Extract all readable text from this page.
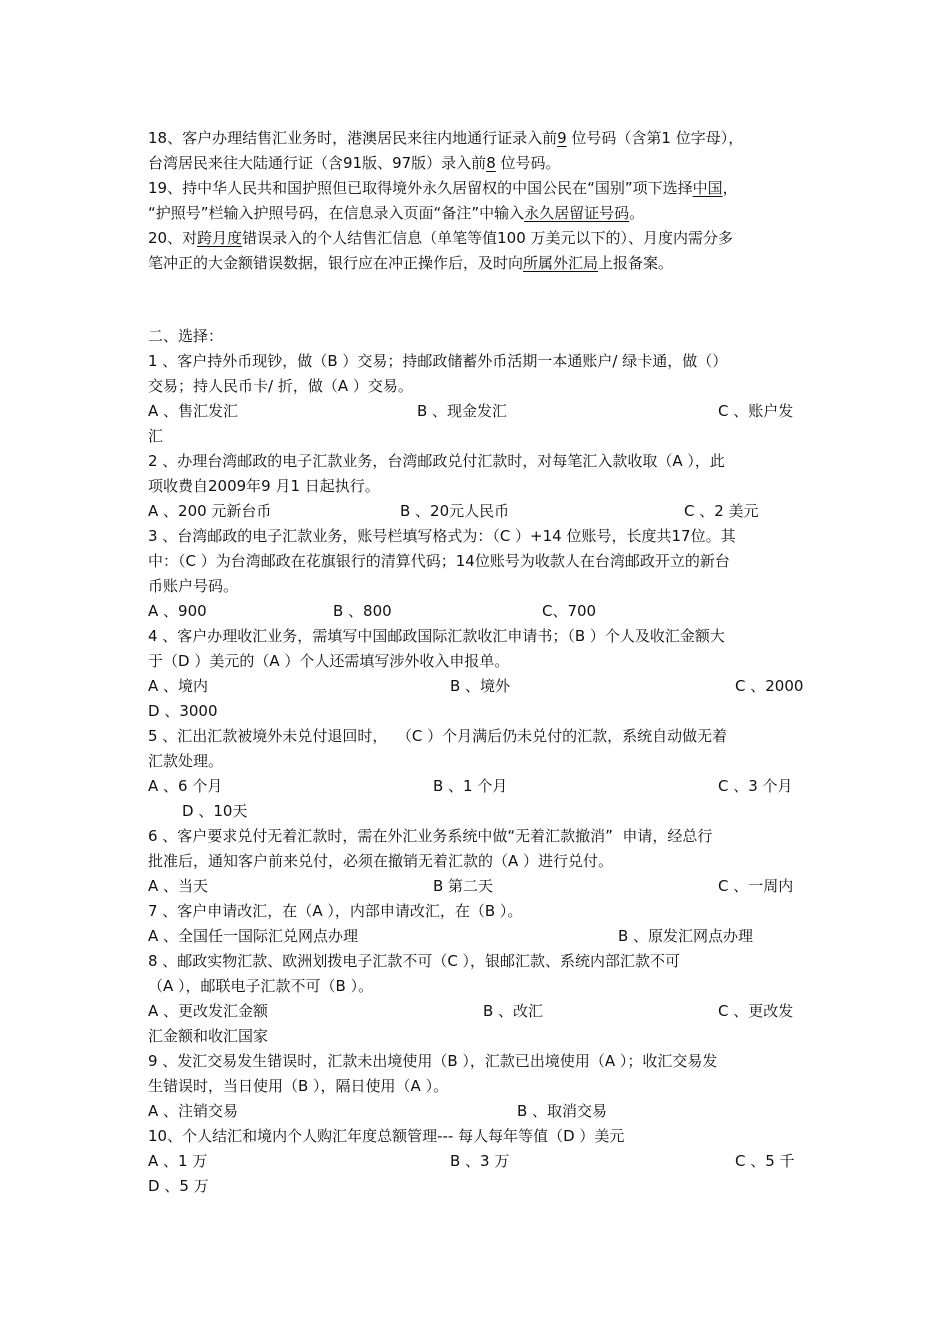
18、客户办理结售汇业务时，港澳居民来往内地通行证录入前9 位号码（含第1 位字母），
台湾居民来往大陆通行证（含91版、97版）录入前8 位号码。
19、持中华人民共和国护照但已取得境外永久居留权的中国公民在“国别”项下选择中国，
“护照号”栏输入护照号码，在信息录入页面“备注”中输入永久居留证号码。
20、对跨月度错误录入的个人结售汇信息（单笔等值100 万美元以下的）、月度内需分多
笔冲正的大金额错误数据，银行应在冲正操作后，及时向所属外汇局上报备案。
二、选择：
1 、客户持外币现钞，做（B ）交易；持邮政储蓄外币活期一本通账户/ 绿卡通，做（）
交易；持人民币卡/ 折，做（A ）交易。
A 、售汇发汇	B 、现金发汇	C 、账户发
汇
2 、办理台湾邮政的电子汇款业务，台湾邮政兑付汇款时，对每笔汇入款收取（A ），此
项收费自2009年9 月1 日起执行。
A 、200 元新台币	B 、20元人民币	C 、2 美元
3 、台湾邮政的电子汇款业务，账号栏填写格式为：（C ）+14 位账号，长度共17位。其
中：（C ）为台湾邮政在花旗银行的清算代码；14位账号为收款人在台湾邮政开立的新台
币账户号码。
A 、900	B 、800	C、700
4 、客户办理收汇业务，需填写中国邮政国际汇款收汇申请书；（B ）个人及收汇金额大
于（D ）美元的（A ）个人还需填写涉外收入申报单。
A 、境内	B 、境外	C 、2000
D 、3000
5 、汇出汇款被境外未兑付退回时，  （C ）个月满后仍未兑付的汇款，系统自动做无着
汇款处理。
A 、6 个月	B 、1 个月	C 、3 个月
D 、10天
6 、客户要求兑付无着汇款时，需在外汇业务系统中做“无着汇款撤消”  申请，经总行
批准后，通知客户前来兑付，必须在撤销无着汇款的（A ）进行兑付。
A 、当天	B 第二天	C 、一周内
7 、客户申请改汇，在（A ），内部申请改汇，在（B ）。
A 、全国任一国际汇兑网点办理	B 、原发汇网点办理
8 、邮政实物汇款、欧洲划拨电子汇款不可（C ），银邮汇款、系统内部汇款不可
（A ），邮联电子汇款不可（B ）。
A 、更改发汇金额	B 、改汇	C 、更改发
汇金额和收汇国家
9 、发汇交易发生错误时，汇款未出境使用（B ），汇款已出境使用（A ）；收汇交易发
生错误时，当日使用（B ），隔日使用（A ）。
A 、注销交易	B 、取消交易
10、个人结汇和境内个人购汇年度总额管理--- 每人每年等值（D ）美元
A 、1 万	B 、3 万	C 、5 千
D 、5 万
